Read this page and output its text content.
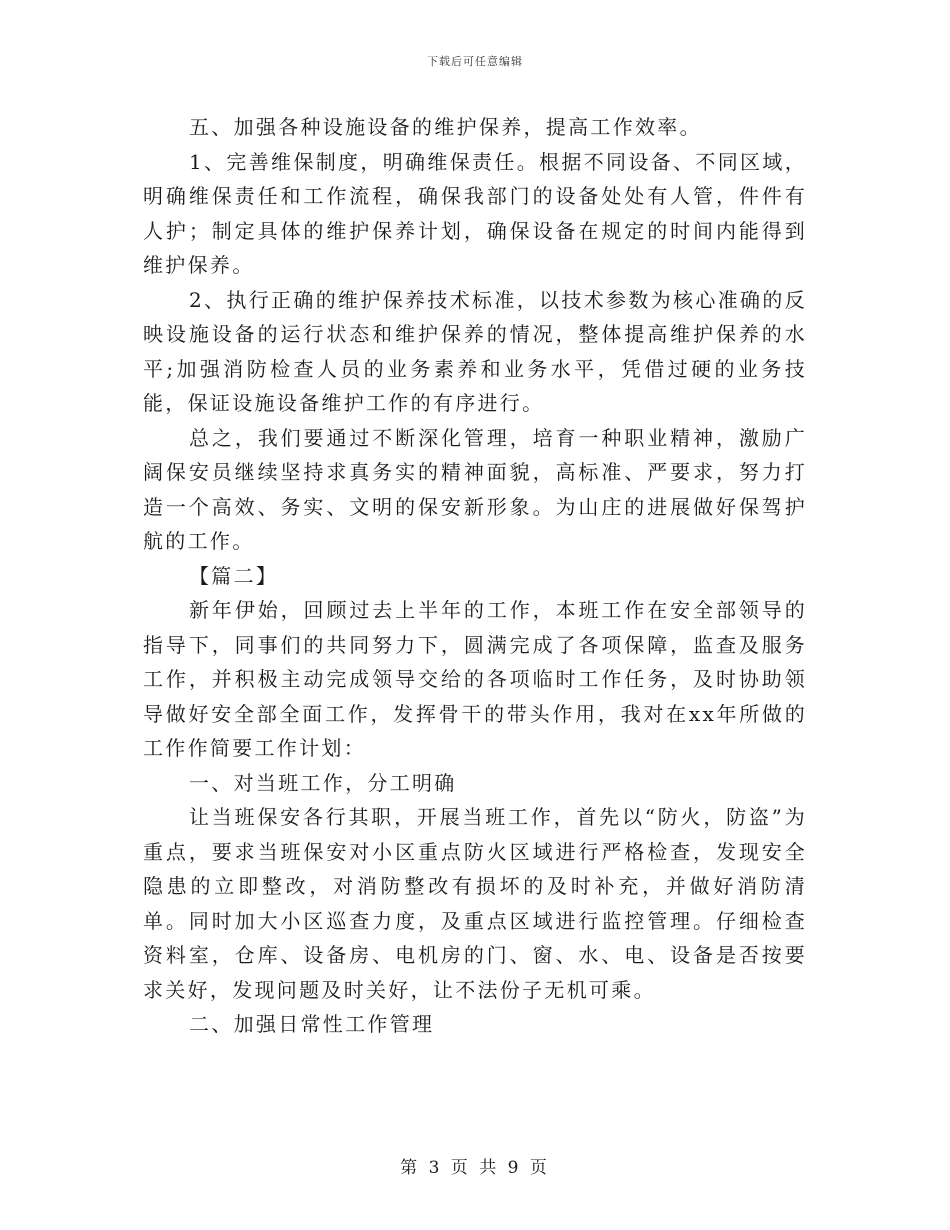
下载后可任意编辑

五、加强各种设施设备的维护保养，提高工作效率。

1、完善维保制度，明确维保责任。根据不同设备、不同区域，明确维保责任和工作流程，确保我部门的设备处处有人管，件件有人护；制定具体的维护保养计划，确保设备在规定的时间内能得到维护保养。

2、执行正确的维护保养技术标准，以技术参数为核心准确的反映设施设备的运行状态和维护保养的情况，整体提高维护保养的水平;加强消防检查人员的业务素养和业务水平，凭借过硬的业务技能，保证设施设备维护工作的有序进行。

总之，我们要通过不断深化管理，培育一种职业精神，激励广阔保安员继续坚持求真务实的精神面貌，高标准、严要求，努力打造一个高效、务实、文明的保安新形象。为山庄的进展做好保驾护航的工作。

【篇二】

新年伊始，回顾过去上半年的工作，本班工作在安全部领导的指导下，同事们的共同努力下，圆满完成了各项保障，监查及服务工作，并积极主动完成领导交给的各项临时工作任务，及时协助领导做好安全部全面工作，发挥骨干的带头作用，我对在xx年所做的工作作简要工作计划：

一、对当班工作，分工明确

让当班保安各行其职，开展当班工作，首先以“防火，防盗”为重点，要求当班保安对小区重点防火区域进行严格检查，发现安全隐患的立即整改，对消防整改有损坏的及时补充，并做好消防清单。同时加大小区巡查力度，及重点区域进行监控管理。仔细检查资料室，仓库、设备房、电机房的门、窗、水、电、设备是否按要求关好，发现问题及时关好，让不法份子无机可乘。

二、加强日常性工作管理

第 3 页 共 9 页
